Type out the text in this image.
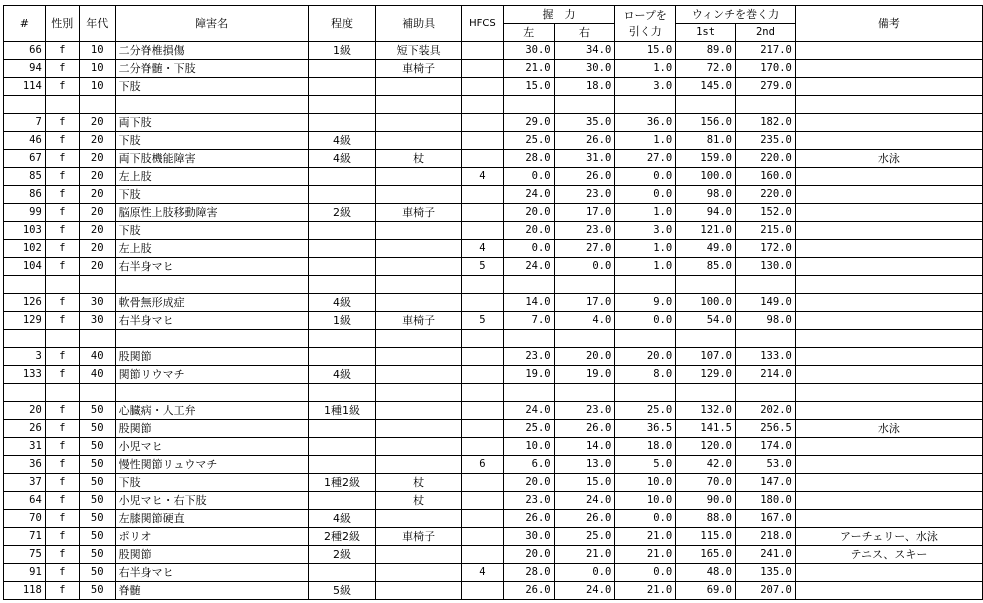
#	性別	年代	障害名	程度	補助具	HFCS	握　力		ロープを
引く力	ウィンチを巻く力		備考
							左	右		1st	2nd	
66	f	10	二分脊椎損傷	1級	短下装具		30.0	34.0	15.0	89.0	217.0	
94	f	10	二分脊髄・下肢		車椅子		21.0	30.0	1.0	72.0	170.0	
114	f	10	下肢				15.0	18.0	3.0	145.0	279.0	

7	f	20	両下肢				29.0	35.0	36.0	156.0	182.0	
46	f	20	下肢	4級			25.0	26.0	1.0	81.0	235.0	
67	f	20	両下肢機能障害	4級	杖		28.0	31.0	27.0	159.0	220.0	水泳
85	f	20	左上肢			4	0.0	26.0	0.0	100.0	160.0	
86	f	20	下肢				24.0	23.0	0.0	98.0	220.0	
99	f	20	脳原性上肢移動障害	2級	車椅子		20.0	17.0	1.0	94.0	152.0	
103	f	20	下肢				20.0	23.0	3.0	121.0	215.0	
102	f	20	左上肢			4	0.0	27.0	1.0	49.0	172.0	
104	f	20	右半身マヒ			5	24.0	0.0	1.0	85.0	130.0	

126	f	30	軟骨無形成症	4級			14.0	17.0	9.0	100.0	149.0	
129	f	30	右半身マヒ	1級	車椅子	5	7.0	4.0	0.0	54.0	98.0	

3	f	40	股関節				23.0	20.0	20.0	107.0	133.0	
133	f	40	関節リウマチ	4級			19.0	19.0	8.0	129.0	214.0	

20	f	50	心臓病・人工弁	1種1級			24.0	23.0	25.0	132.0	202.0	
26	f	50	股関節				25.0	26.0	36.5	141.5	256.5	水泳
31	f	50	小児マヒ				10.0	14.0	18.0	120.0	174.0	
36	f	50	慢性関節リュウマチ			6	6.0	13.0	5.0	42.0	53.0	
37	f	50	下肢	1種2級	杖		20.0	15.0	10.0	70.0	147.0	
64	f	50	小児マヒ・右下肢		杖		23.0	24.0	10.0	90.0	180.0	
70	f	50	左膝関節硬直	4級			26.0	26.0	0.0	88.0	167.0	
71	f	50	ポリオ	2種2級	車椅子		30.0	25.0	21.0	115.0	218.0	アーチェリー、水泳
75	f	50	股関節	2級			20.0	21.0	21.0	165.0	241.0	テニス、スキー
91	f	50	右半身マヒ			4	28.0	0.0	0.0	48.0	135.0	
118	f	50	脊髄	5級			26.0	24.0	21.0	69.0	207.0	
